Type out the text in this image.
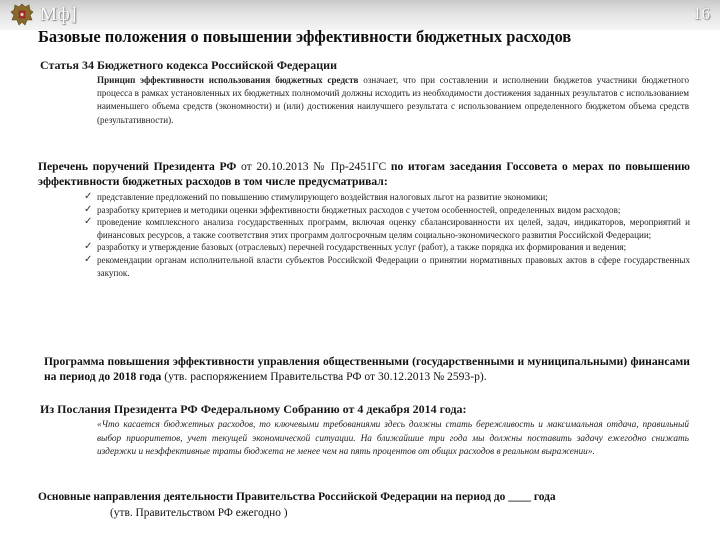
Мф]	16
Базовые положения о повышении эффективности бюджетных расходов
Статья 34 Бюджетного кодекса Российской Федерации
Принцип эффективности использования бюджетных средств означает, что при составлении и исполнении бюджетов участники бюджетного процесса в рамках установленных их бюджетных полномочий должны исходить из необходимости достижения заданных результатов с использованием наименьшего объема средств (экономности) и (или) достижения наилучшего результата с использованием определенного бюджетом объема средств (результативности).
Перечень поручений Президента РФ от 20.10.2013 № Пр-2451ГС по итогам заседания Госсовета о мерах по повышению эффективности бюджетных расходов в том числе предусматривал:
✓ представление предложений по повышению стимулирующего воздействия налоговых льгот на развитие экономики;
✓ разработку критериев и методики оценки эффективности бюджетных расходов с учетом особенностей, определенных видом расходов;
✓ проведение комплексного анализа государственных программ, включая оценку сбалансированности их целей, задач, индикаторов, мероприятий и финансовых ресурсов, а также соответствия этих программ долгосрочным целям социально-экономического развития Российской Федерации;
✓ разработку и утверждение базовых (отраслевых) перечней государственных услуг (работ), а также порядка их формирования и ведения;
✓ рекомендации органам исполнительной власти субъектов Российской Федерации о принятии нормативных правовых актов в сфере государственных закупок.
Программа повышения эффективности управления общественными (государственными и муниципальными) финансами на период до 2018 года (утв. распоряжением Правительства РФ от 30.12.2013 № 2593-р).
Из Послания Президента РФ Федеральному Собранию от 4 декабря 2014 года:
«Что касается бюджетных расходов, то ключевыми требованиями здесь должны стать бережливость и максимальная отдача, правильный выбор приоритетов, учет текущей экономической ситуации. На ближайшие три года мы должны поставить задачу ежегодно снижать издержки и неэффективные траты бюджета не менее чем на пять процентов от общих расходов в реальном выражении».
Основные направления деятельности Правительства Российской Федерации на период до ____ года
(утв. Правительством РФ ежегодно )
